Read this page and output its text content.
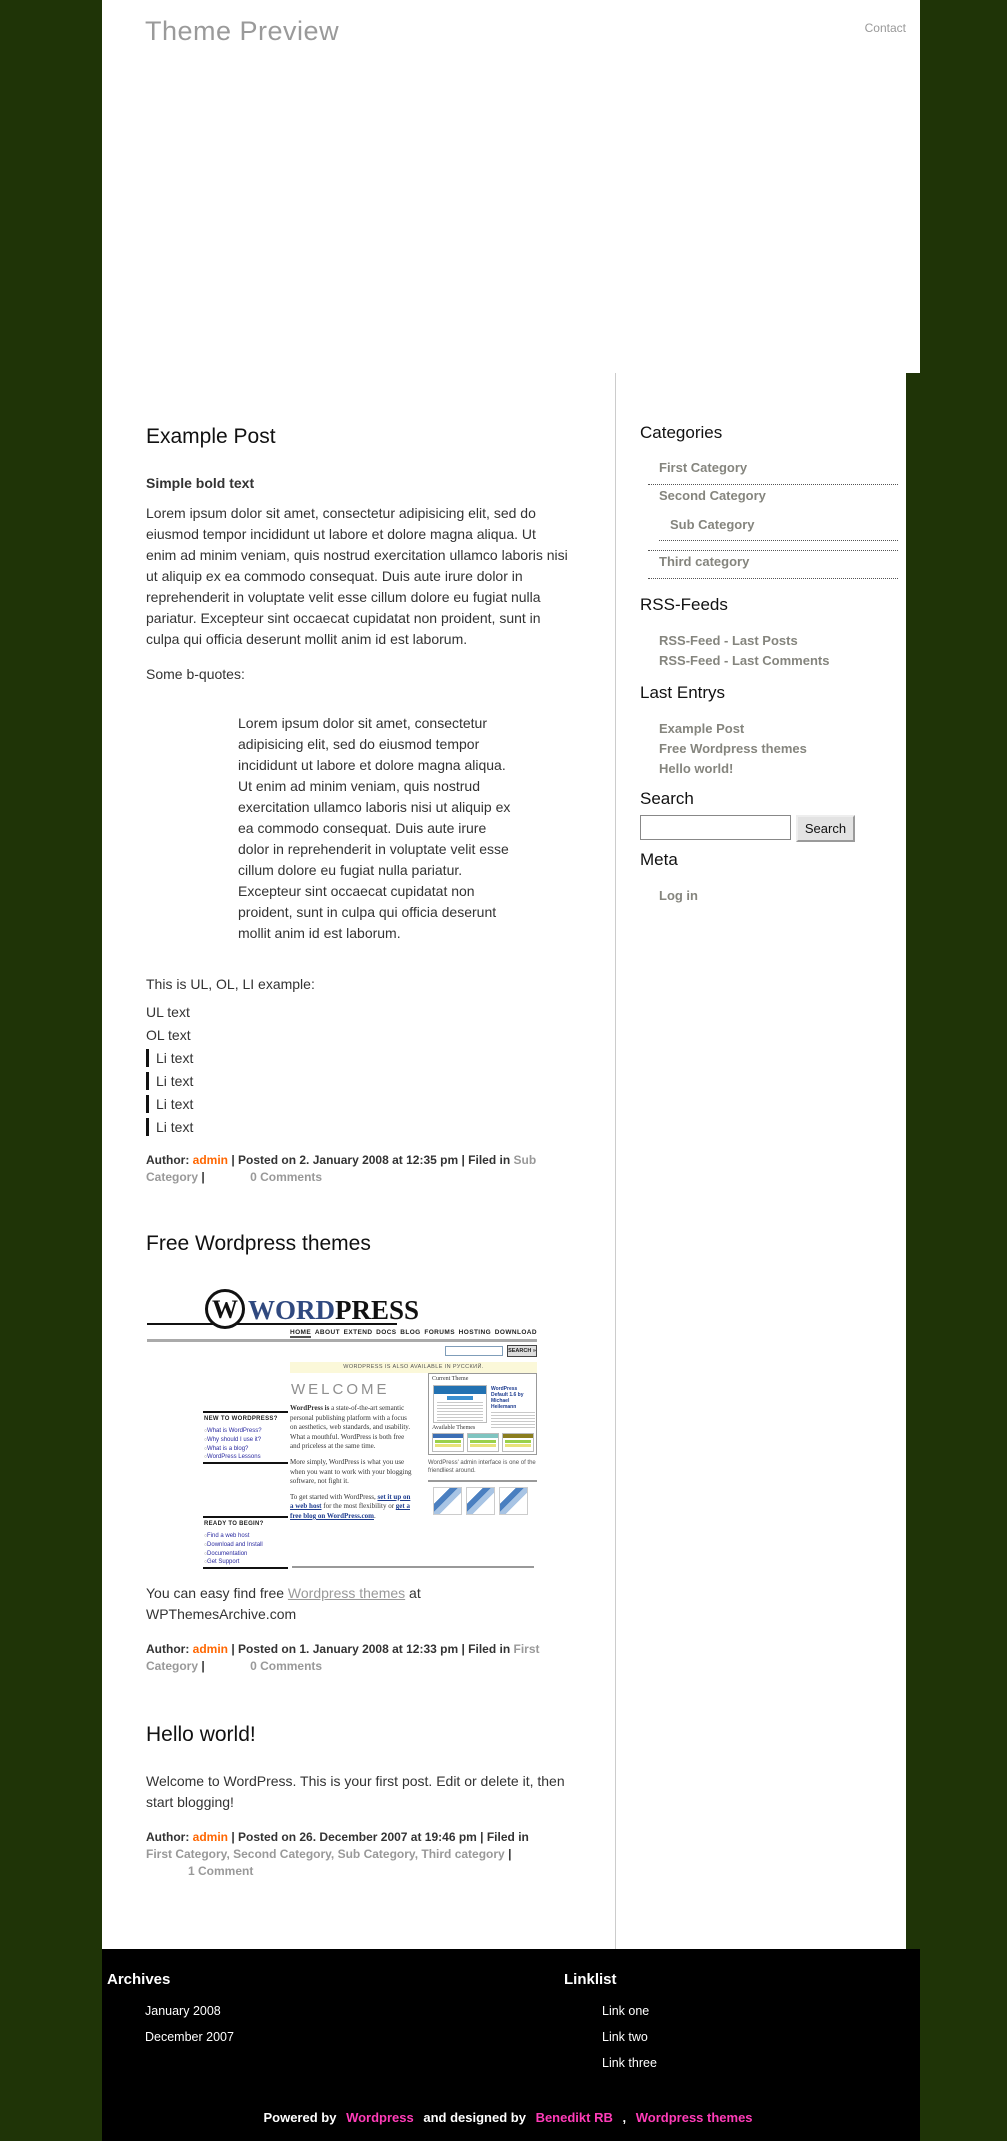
Theme Preview	Contact
Example Post
Simple bold text

Lorem ipsum dolor sit amet, consectetur adipisicing elit, sed do eiusmod tempor incididunt ut labore et dolore magna aliqua. Ut enim ad minim veniam, quis nostrud exercitation ullamco laboris nisi ut aliquip ex ea commodo consequat. Duis aute irure dolor in reprehenderit in voluptate velit esse cillum dolore eu fugiat nulla pariatur. Excepteur sint occaecat cupidatat non proident, sunt in culpa qui officia deserunt mollit anim id est laborum.

Some b-quotes:

Lorem ipsum dolor sit amet, consectetur adipisicing elit, sed do eiusmod tempor incididunt ut labore et dolore magna aliqua. Ut enim ad minim veniam, quis nostrud exercitation ullamco laboris nisi ut aliquip ex ea commodo consequat. Duis aute irure dolor in reprehenderit in voluptate velit esse cillum dolore eu fugiat nulla pariatur. Excepteur sint occaecat cupidatat non proident, sunt in culpa qui officia deserunt mollit anim id est laborum.

This is UL, OL, LI example:

UL text
OL text
Li text
Li text
Li text
Li text

Author: admin | Posted on 2. January 2008 at 12:35 pm | Filed in Sub Category |	0 Comments

Free Wordpress themes
W WORDPRESS
HOME ABOUT EXTEND DOCS BLOG FORUMS HOSTING DOWNLOAD
SEARCH »
WORDPRESS IS ALSO AVAILABLE IN РУССКИЙ.
WELCOME
NEW TO WORDPRESS?
○ What is WordPress?
○ Why should I use it?
○ What is a blog?
○ WordPress Lessons
READY TO BEGIN?
○ Find a web host
○ Download and Install
○ Documentation
○ Get Support

WordPress is a state-of-the-art semantic personal publishing platform with a focus on aesthetics, web standards, and usability. What a mouthful. WordPress is both free and priceless at the same time.

More simply, WordPress is what you use when you want to work with your blogging software, not fight it.

To get started with WordPress, set it up on a web host for the most flexibility or get a free blog on WordPress.com.

Current Theme
WordPress Default 1.6 by Michael Heilemann
Available Themes
WordPress' admin interface is one of the friendliest around.

You can easy find free Wordpress themes at WPThemesArchive.com

Author: admin | Posted on 1. January 2008 at 12:33 pm | Filed in First Category |	0 Comments

Hello world!

Welcome to WordPress. This is your first post. Edit or delete it, then start blogging!

Author: admin | Posted on 26. December 2007 at 19:46 pm | Filed in First Category, Second Category, Sub Category, Third category | 1 Comment

Categories
First Category
Second Category
Sub Category
Third category
RSS-Feeds
RSS-Feed - Last Posts
RSS-Feed - Last Comments
Last Entrys
Example Post
Free Wordpress themes
Hello world!
Search
Search
Meta
Log in
Archives
January 2008
December 2007
Linklist
Link one
Link two
Link three
Powered by Wordpress and designed by Benedikt RB , Wordpress themes
